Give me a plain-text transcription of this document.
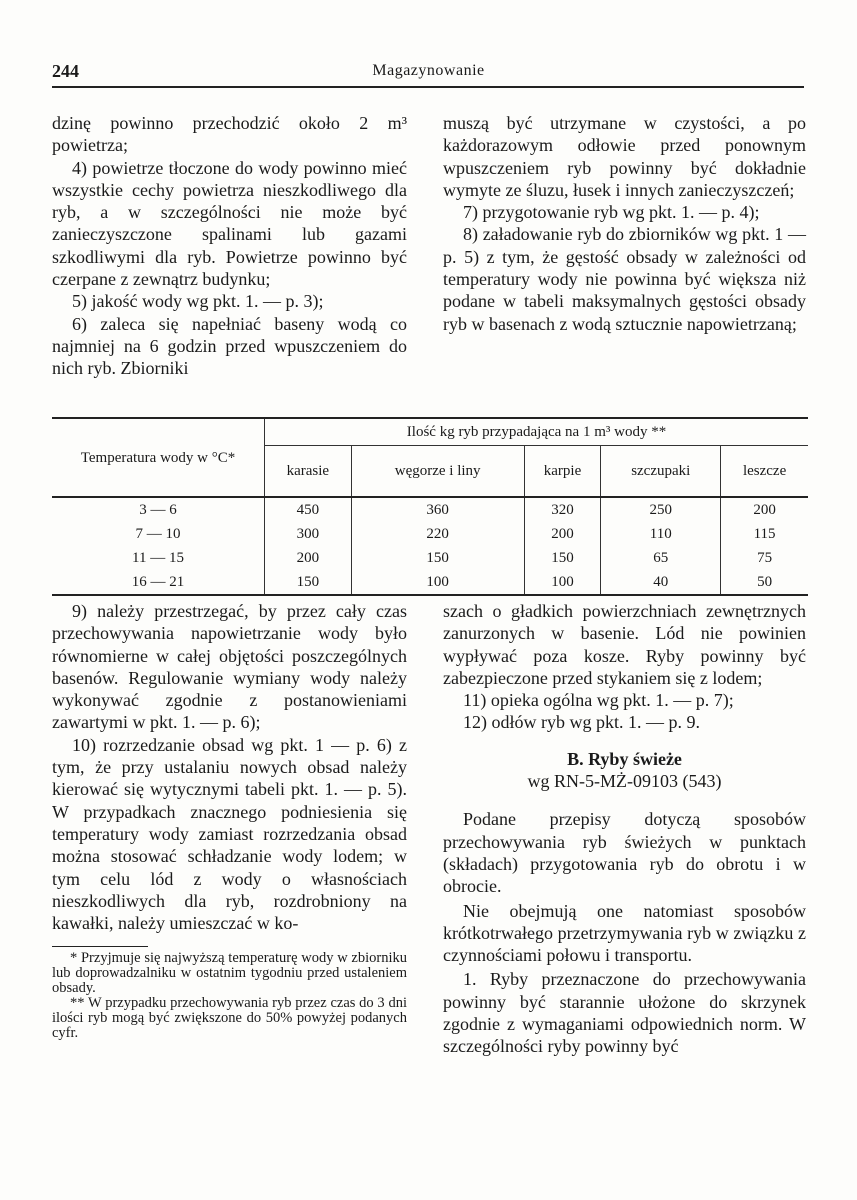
244	Magazynowanie

dzinę powinno przechodzić około 2 m³ powietrza;

4) powietrze tłoczone do wody powinno mieć wszystkie cechy powietrza nieszkodliwego dla ryb, a w szczególności nie może być zanieczyszczone spalinami lub gazami szkodliwymi dla ryb. Powietrze powinno być czerpane z zewnątrz budynku;

5) jakość wody wg pkt. 1. — p. 3);

6) zaleca się napełniać baseny wodą co najmniej na 6 godzin przed wpuszczeniem do nich ryb. Zbiorniki

muszą być utrzymane w czystości, a po każdorazowym odłowie przed ponownym wpuszczeniem ryb powinny być dokładnie wymyte ze śluzu, łusek i innych zanieczyszczeń;

7) przygotowanie ryb wg pkt. 1. — p. 4);

8) załadowanie ryb do zbiorników wg pkt. 1 — p. 5) z tym, że gęstość obsady w zależności od temperatury wody nie powinna być większa niż podane w tabeli maksymalnych gęstości obsady ryb w basenach z wodą sztucznie napowietrzaną;

Temperatura wody w °C*	Ilość kg ryb przypadająca na 1 m³ wody **				
	karasie	węgorze i liny	karpie	szczupaki	leszcze
3 — 6	450	360	320	250	200
7 — 10	300	220	200	110	115
11 — 15	200	150	150	65	75
16 — 21	150	100	100	40	50

9) należy przestrzegać, by przez cały czas przechowywania napowietrzanie wody było równomierne w całej objętości poszczególnych basenów. Regulowanie wymiany wody należy wykonywać zgodnie z postanowieniami zawartymi w pkt. 1. — p. 6);

10) rozrzedzanie obsad wg pkt. 1 — p. 6) z tym, że przy ustalaniu nowych obsad należy kierować się wytycznymi tabeli pkt. 1. — p. 5). W przypadkach znacznego podniesienia się temperatury wody zamiast rozrzedzania obsad można stosować schładzanie wody lodem; w tym celu lód z wody o własnościach nieszkodliwych dla ryb, rozdrobniony na kawałki, należy umieszczać w ko-

* Przyjmuje się najwyższą temperaturę wody w zbiorniku lub doprowadzalniku w ostatnim tygodniu przed ustaleniem obsady.

** W przypadku przechowywania ryb przez czas do 3 dni ilości ryb mogą być zwiększone do 50% powyżej podanych cyfr.

szach o gładkich powierzchniach zewnętrznych zanurzonych w basenie. Lód nie powinien wypływać poza kosze. Ryby powinny być zabezpieczone przed stykaniem się z lodem;

11) opieka ogólna wg pkt. 1. — p. 7);

12) odłów ryb wg pkt. 1. — p. 9.

B. Ryby świeże

wg RN-5-MŻ-09103 (543)

Podane przepisy dotyczą sposobów przechowywania ryb świeżych w punktach (składach) przygotowania ryb do obrotu i w obrocie.

Nie obejmują one natomiast sposobów krótkotrwałego przetrzymywania ryb w związku z czynnościami połowu i transportu.

1. Ryby przeznaczone do przechowywania powinny być starannie ułożone do skrzynek zgodnie z wymaganiami odpowiednich norm. W szczególności ryby powinny być
